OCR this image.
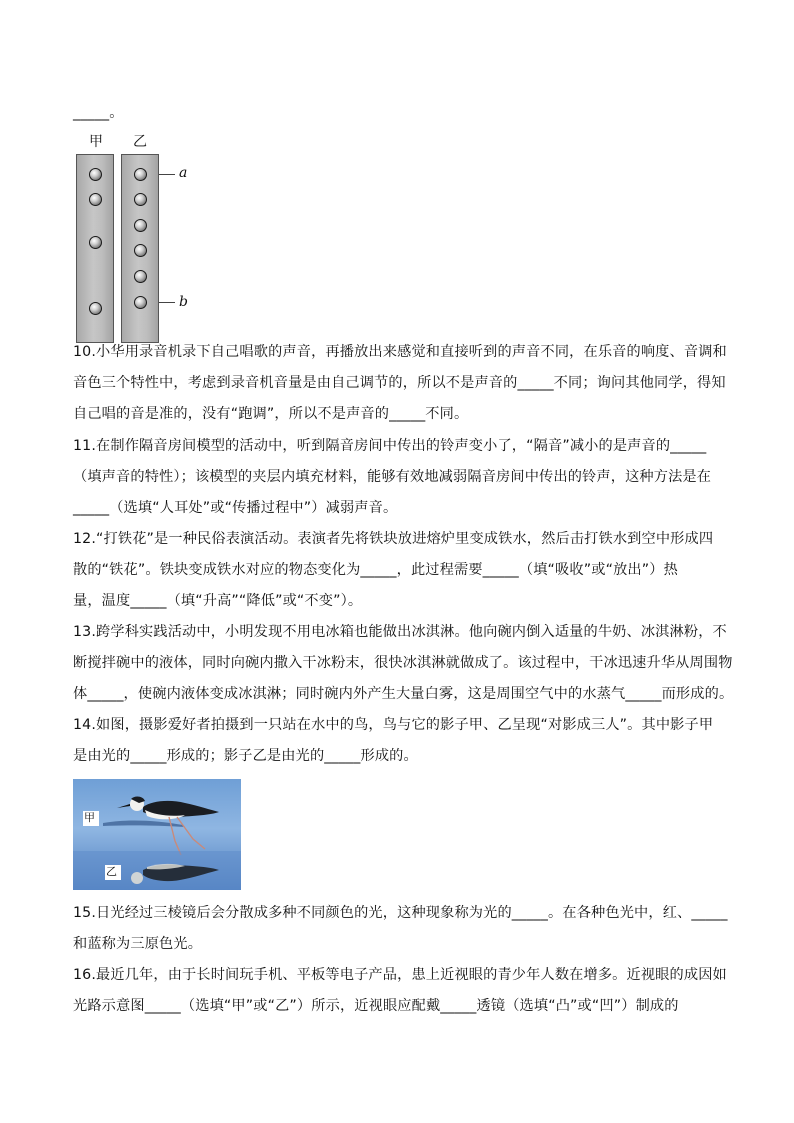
_____。
甲 乙
a
b
10.小华用录音机录下自己唱歌的声音，再播放出来感觉和直接听到的声音不同，在乐音的响度、音调和
音色三个特性中，考虑到录音机音量是由自己调节的，所以不是声音的_____不同；询问其他同学，得知
自己唱的音是准的，没有“跑调”，所以不是声音的_____不同。
11.在制作隔音房间模型的活动中，听到隔音房间中传出的铃声变小了，“隔音”减小的是声音的_____
（填声音的特性）；该模型的夹层内填充材料，能够有效地减弱隔音房间中传出的铃声，这种方法是在
_____（选填“人耳处”或“传播过程中”）减弱声音。
12.“打铁花”是一种民俗表演活动。表演者先将铁块放进熔炉里变成铁水，然后击打铁水到空中形成四
散的“铁花”。铁块变成铁水对应的物态变化为_____，此过程需要_____（填“吸收”或“放出”）热
量，温度_____（填“升高”“降低”或“不变”）。
13.跨学科实践活动中，小明发现不用电冰箱也能做出冰淇淋。他向碗内倒入适量的牛奶、冰淇淋粉，不
断搅拌碗中的液体，同时向碗内撒入干冰粉末，很快冰淇淋就做成了。该过程中，干冰迅速升华从周围物
体_____，使碗内液体变成冰淇淋；同时碗内外产生大量白雾，这是周围空气中的水蒸气_____而形成的。
14.如图，摄影爱好者拍摄到一只站在水中的鸟，鸟与它的影子甲、乙呈现“对影成三人”。其中影子甲
是由光的_____形成的；影子乙是由光的_____形成的。
甲
乙
15.日光经过三棱镜后会分散成多种不同颜色的光，这种现象称为光的_____。在各种色光中，红、_____
和蓝称为三原色光。
16.最近几年，由于长时间玩手机、平板等电子产品，患上近视眼的青少年人数在增多。近视眼的成因如
光路示意图_____（选填“甲”或“乙”）所示，近视眼应配戴_____透镜（选填“凸”或“凹”）制成的
